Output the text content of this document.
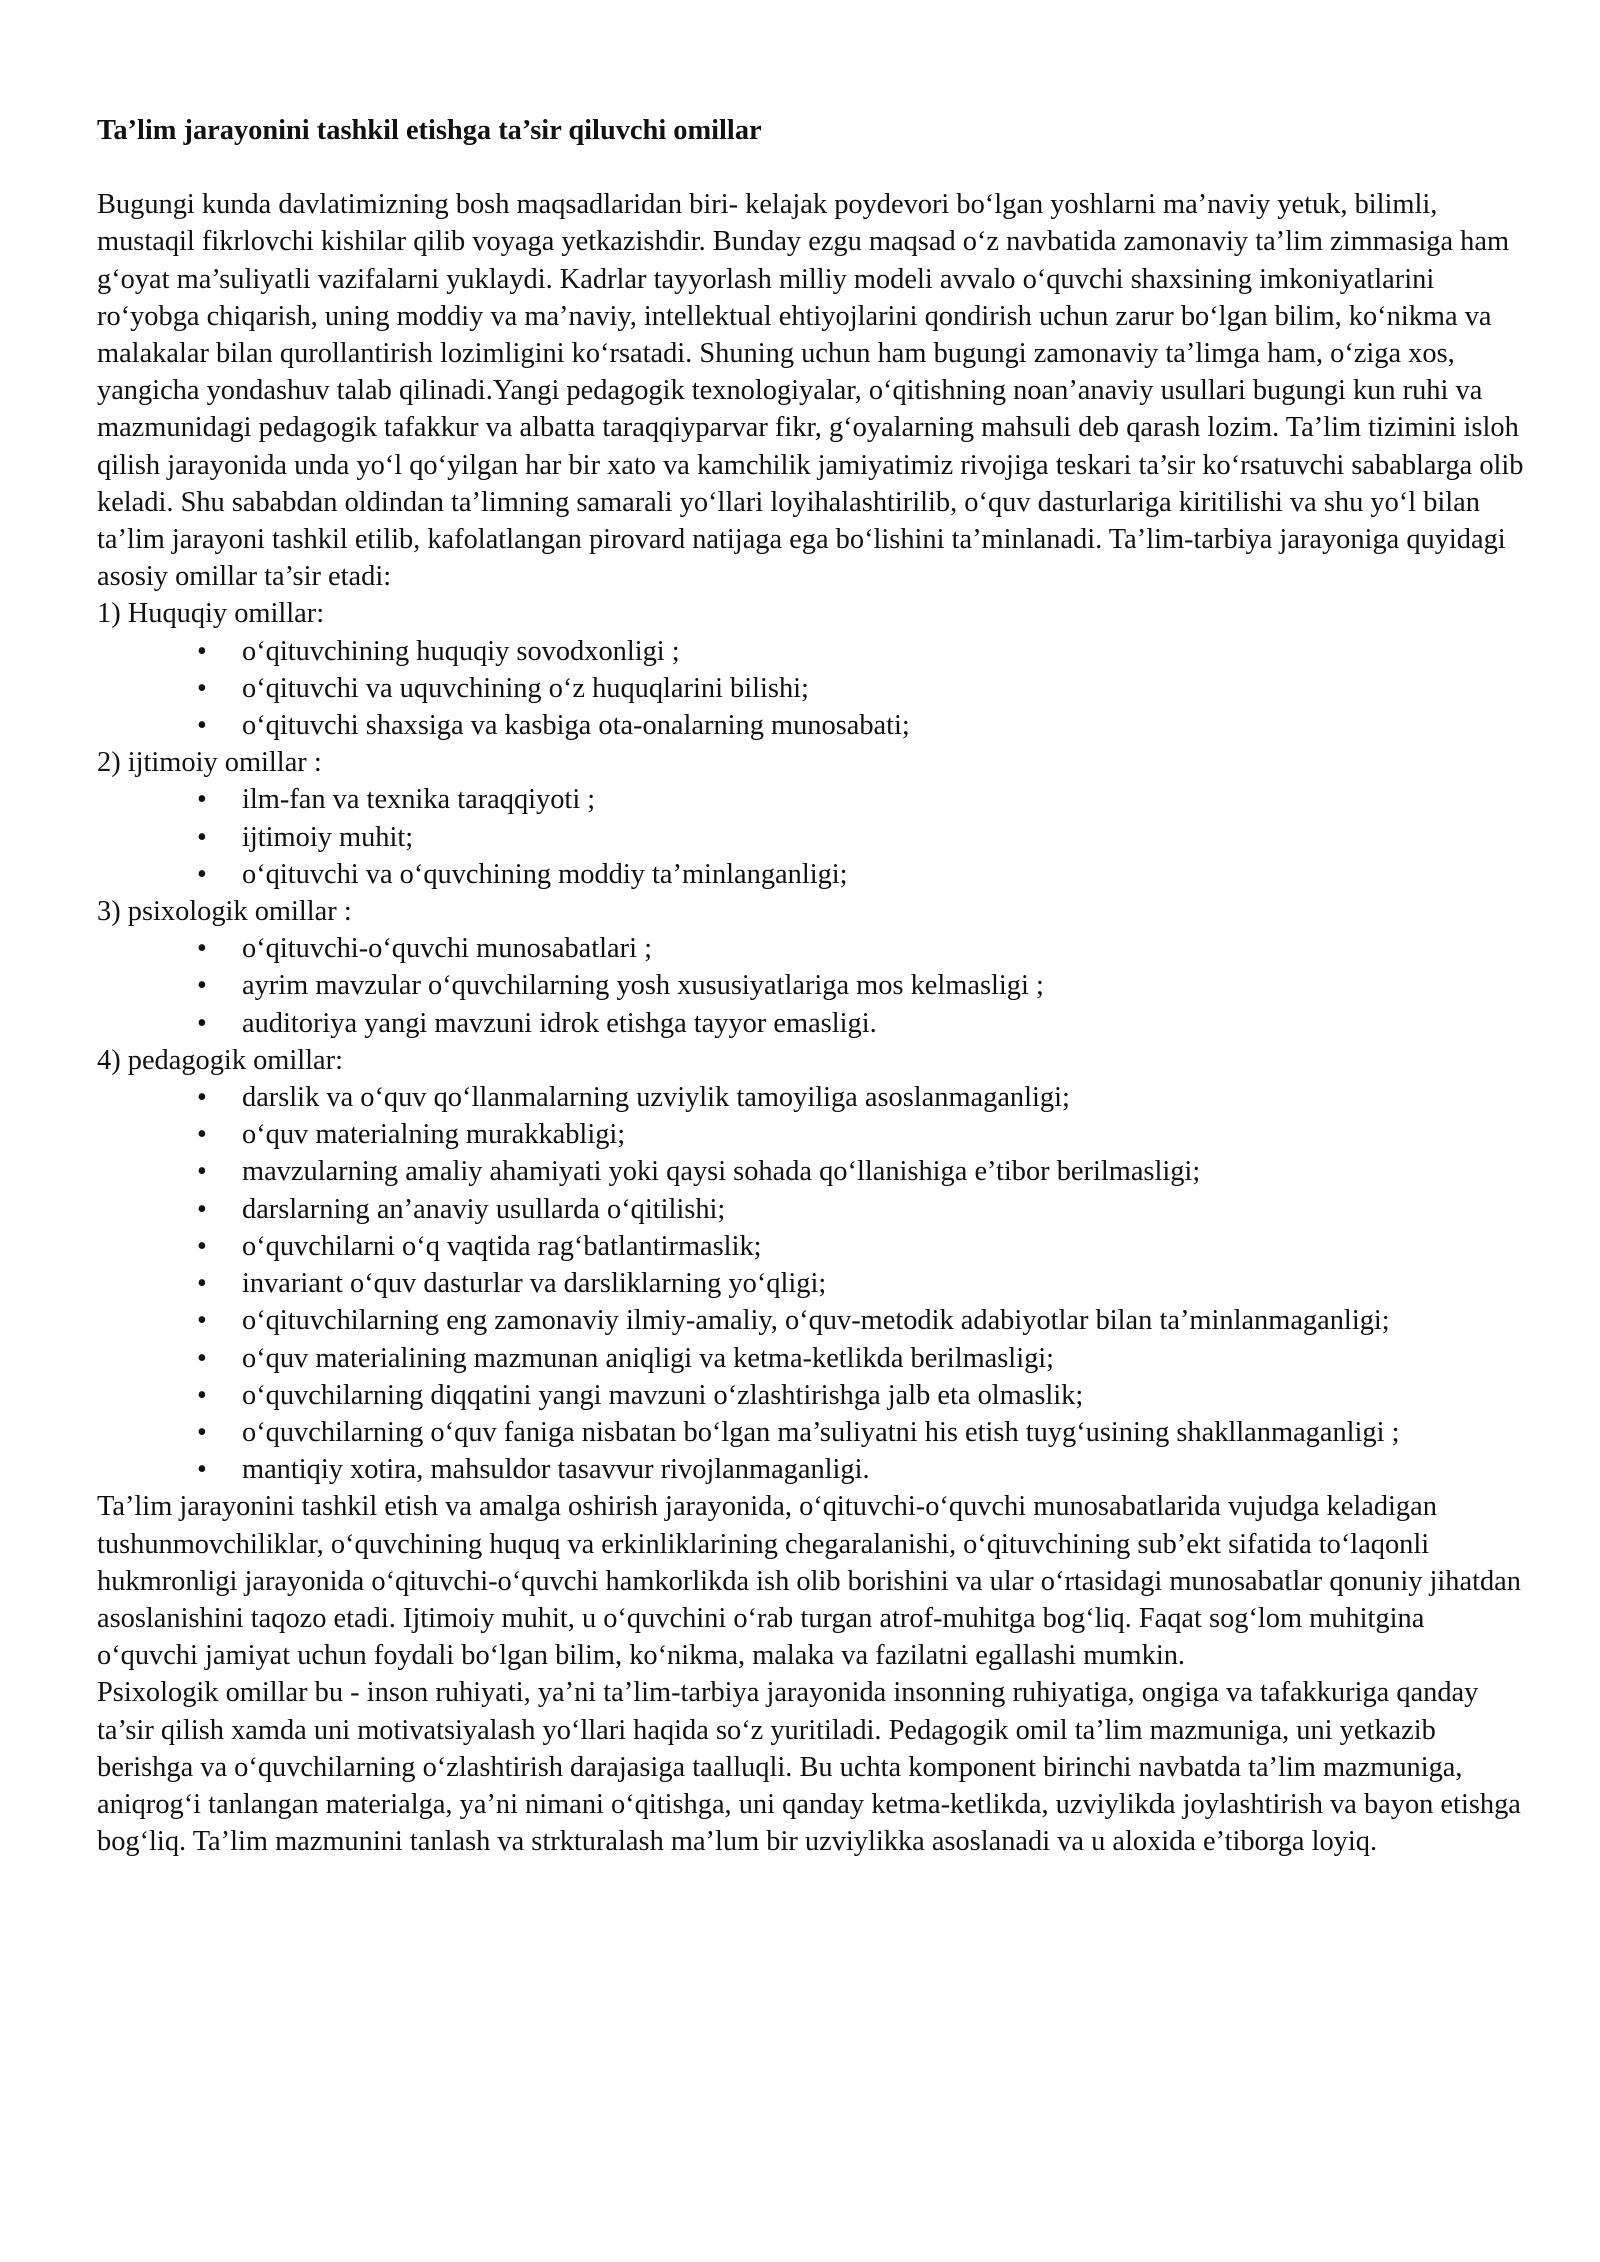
Ta’lim jarayonini tashkil etishga ta’sir qiluvchi omillar

Bugungi kunda davlatimizning bosh maqsadlaridan biri- kelajak poydevori bo‘lgan yoshlarni ma’naviy yetuk, bilimli, mustaqil fikrlovchi kishilar qilib voyaga yetkazishdir. Bunday ezgu maqsad o‘z navbatida zamonaviy ta’lim zimmasiga ham g‘oyat ma’suliyatli vazifalarni yuklaydi. Kadrlar tayyorlash milliy modeli avvalo o‘quvchi shaxsining imkoniyatlarini ro‘yobga chiqarish, uning moddiy va ma’naviy, intellektual ehtiyojlarini qondirish uchun zarur bo‘lgan bilim, ko‘nikma va malakalar bilan qurollantirish lozimligini ko‘rsatadi. Shuning uchun ham bugungi zamonaviy ta’limga ham, o‘ziga xos, yangicha yondashuv talab qilinadi.Yangi pedagogik texnologiyalar, o‘qitishning noan’anaviy usullari bugungi kun ruhi va mazmunidagi pedagogik tafakkur va albatta taraqqiyparvar fikr, g‘oyalarning mahsuli deb qarash lozim. Ta’lim tizimini isloh qilish jarayonida unda yo‘l qo‘yilgan har bir xato va kamchilik jamiyatimiz rivojiga teskari ta’sir ko‘rsatuvchi sabablarga olib keladi. Shu sababdan oldindan ta’limning samarali yo‘llari loyihalashtirilib, o‘quv dasturlariga kiritilishi va shu yo‘l bilan ta’lim jarayoni tashkil etilib, kafolatlangan pirovard natijaga ega bo‘lishini ta’minlanadi. Ta’lim-tarbiya jarayoniga quyidagi asosiy omillar ta’sir etadi:

1) Huquqiy omillar:

• o‘qituvchining huquqiy sovodxonligi ;
• o‘qituvchi va uquvchining o‘z huquqlarini bilishi;
• o‘qituvchi shaxsiga va kasbiga ota-onalarning munosabati;

2) ijtimoiy omillar :

• ilm-fan va texnika taraqqiyoti ;
• ijtimoiy muhit;
• o‘qituvchi va o‘quvchining moddiy ta’minlanganligi;

3) psixologik omillar :

• o‘qituvchi-o‘quvchi munosabatlari ;
• ayrim mavzular o‘quvchilarning yosh xususiyatlariga mos kelmasligi ;
• auditoriya yangi mavzuni idrok etishga tayyor emasligi.

4) pedagogik omillar:

• darslik va o‘quv qo‘llanmalarning uzviylik tamoyiliga asoslanmaganligi;
• o‘quv materialning murakkabligi;
• mavzularning amaliy ahamiyati yoki qaysi sohada qo‘llanishiga e’tibor berilmasligi;
• darslarning an’anaviy usullarda o‘qitilishi;
• o‘quvchilarni o‘q vaqtida rag‘batlantirmaslik;
• invariant o‘quv dasturlar va darsliklarning yo‘qligi;
• o‘qituvchilarning eng zamonaviy ilmiy-amaliy, o‘quv-metodik adabiyotlar bilan ta’minlanmaganligi;
• o‘quv materialining mazmunan aniqligi va ketma-ketlikda berilmasligi;
• o‘quvchilarning diqqatini yangi mavzuni o‘zlashtirishga jalb eta olmaslik;
• o‘quvchilarning o‘quv faniga nisbatan bo‘lgan ma’suliyatni his etish tuyg‘usining shakllanmaganligi ;
• mantiqiy xotira, mahsuldor tasavvur rivojlanmaganligi.

Ta’lim jarayonini tashkil etish va amalga oshirish jarayonida, o‘qituvchi-o‘quvchi munosabatlarida vujudga keladigan tushunmovchiliklar, o‘quvchining huquq va erkinliklarining chegaralanishi, o‘qituvchining sub’ekt sifatida to‘laqonli hukmronligi jarayonida o‘qituvchi-o‘quvchi hamkorlikda ish olib borishini va ular o‘rtasidagi munosabatlar qonuniy jihatdan asoslanishini taqozo etadi. Ijtimoiy muhit, u o‘quvchini o‘rab turgan atrof-muhitga bog‘liq. Faqat sog‘lom muhitgina o‘quvchi jamiyat uchun foydali bo‘lgan bilim, ko‘nikma, malaka va fazilatni egallashi mumkin.

Psixologik omillar bu - inson ruhiyati, ya’ni ta’lim-tarbiya jarayonida insonning ruhiyatiga, ongiga va tafakkuriga qanday ta’sir qilish xamda uni motivatsiyalash yo‘llari haqida so‘z yuritiladi. Pedagogik omil ta’lim mazmuniga, uni yetkazib berishga va o‘quvchilarning o‘zlashtirish darajasiga taalluqli. Bu uchta komponent birinchi navbatda ta’lim mazmuniga, aniqrog‘i tanlangan materialga, ya’ni nimani o‘qitishga, uni qanday ketma-ketlikda, uzviylikda joylashtirish va bayon etishga bog‘liq. Ta’lim mazmunini tanlash va strkturalash ma’lum bir uzviylikka asoslanadi va u aloxida e’tiborga loyiq.
